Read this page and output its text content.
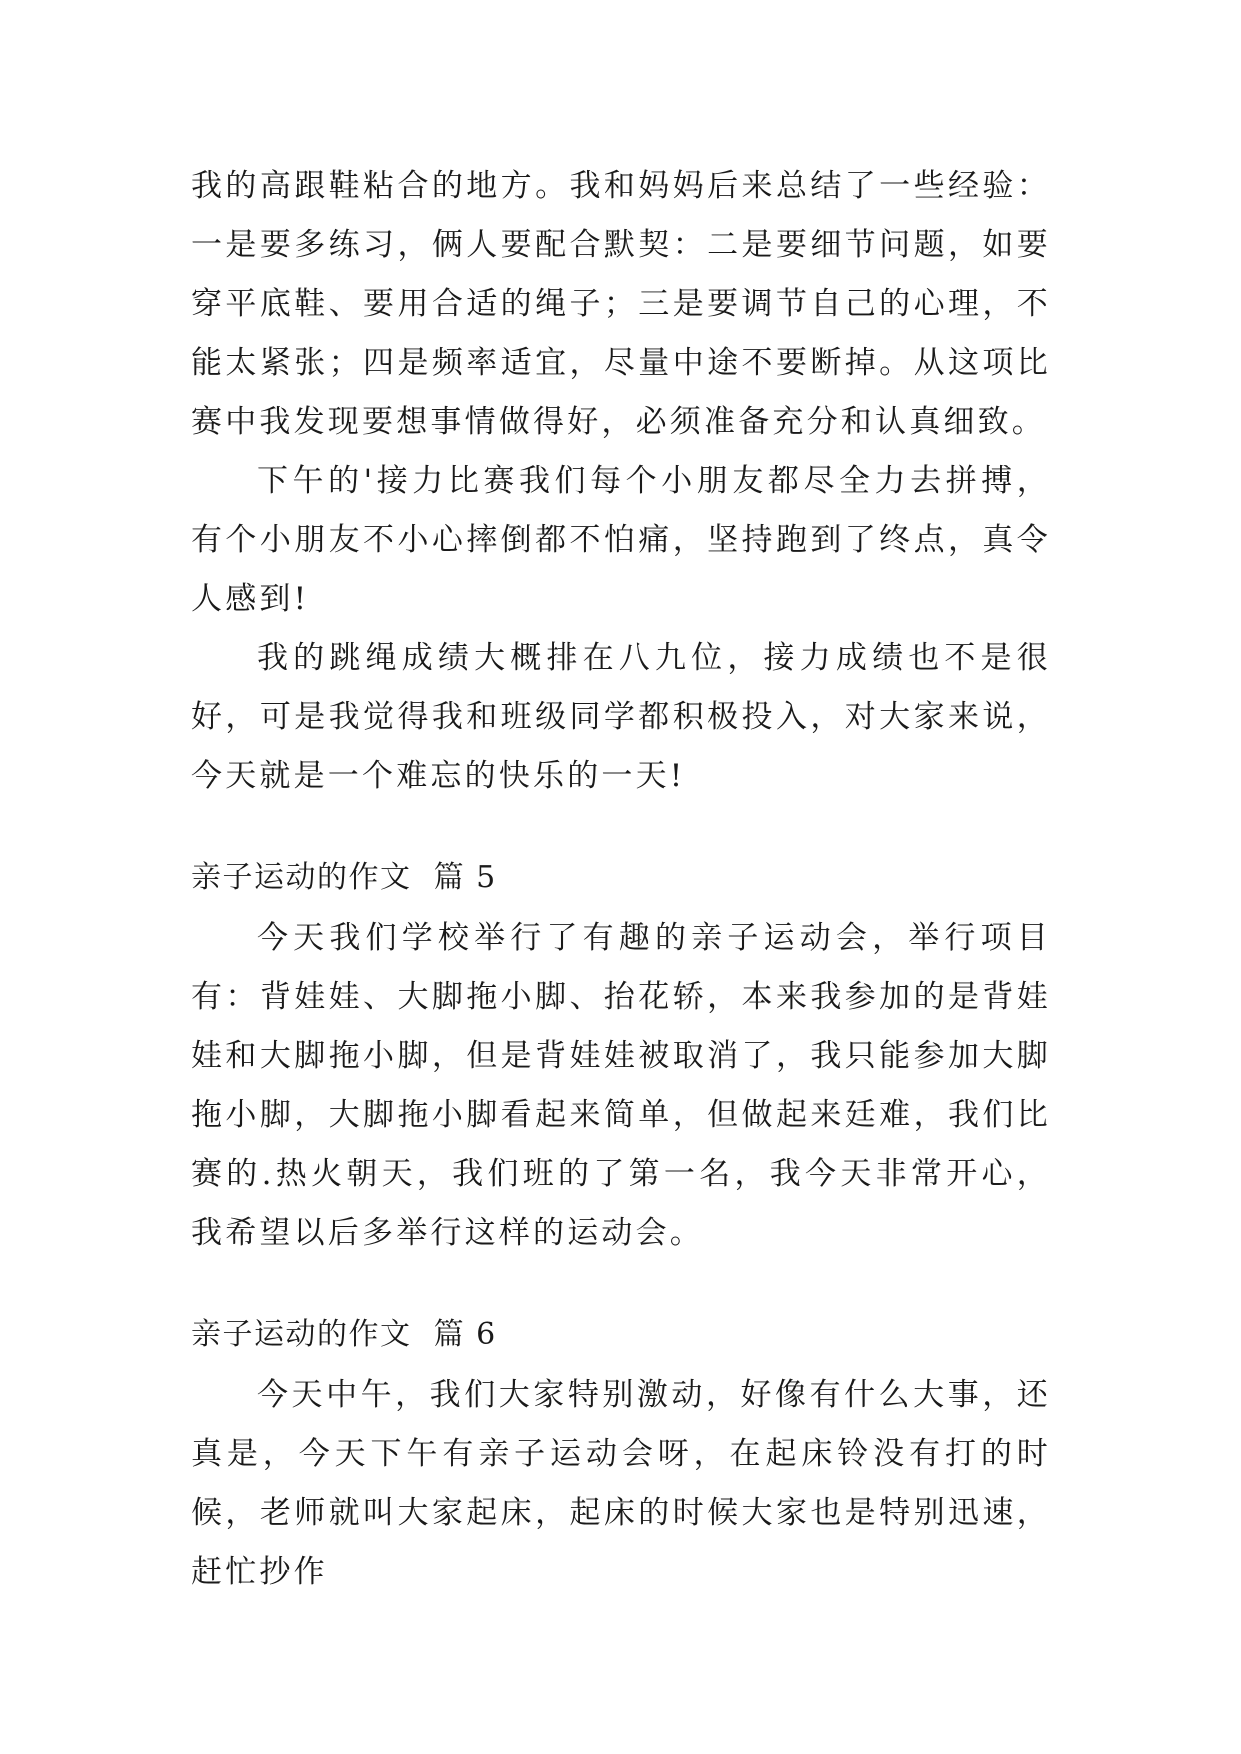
我的高跟鞋粘合的地方。我和妈妈后来总结了一些经验：一是要多练习，俩人要配合默契：二是要细节问题，如要穿平底鞋、要用合适的绳子；三是要调节自己的心理，不能太紧张；四是频率适宜，尽量中途不要断掉。从这项比赛中我发现要想事情做得好，必须准备充分和认真细致。

下午的'接力比赛我们每个小朋友都尽全力去拼搏，有个小朋友不小心摔倒都不怕痛，坚持跑到了终点，真令人感到!

我的跳绳成绩大概排在八九位，接力成绩也不是很好，可是我觉得我和班级同学都积极投入，对大家来说，今天就是一个难忘的快乐的一天!

亲子运动的作文  篇 5

今天我们学校举行了有趣的亲子运动会，举行项目有：背娃娃、大脚拖小脚、抬花轿，本来我参加的是背娃娃和大脚拖小脚，但是背娃娃被取消了，我只能参加大脚拖小脚，大脚拖小脚看起来简单，但做起来廷难，我们比赛的.热火朝天，我们班的了第一名，我今天非常开心，我希望以后多举行这样的运动会。

亲子运动的作文  篇 6

今天中午，我们大家特别激动，好像有什么大事，还真是，今天下午有亲子运动会呀，在起床铃没有打的时候，老师就叫大家起床，起床的时候大家也是特别迅速，赶忙抄作
